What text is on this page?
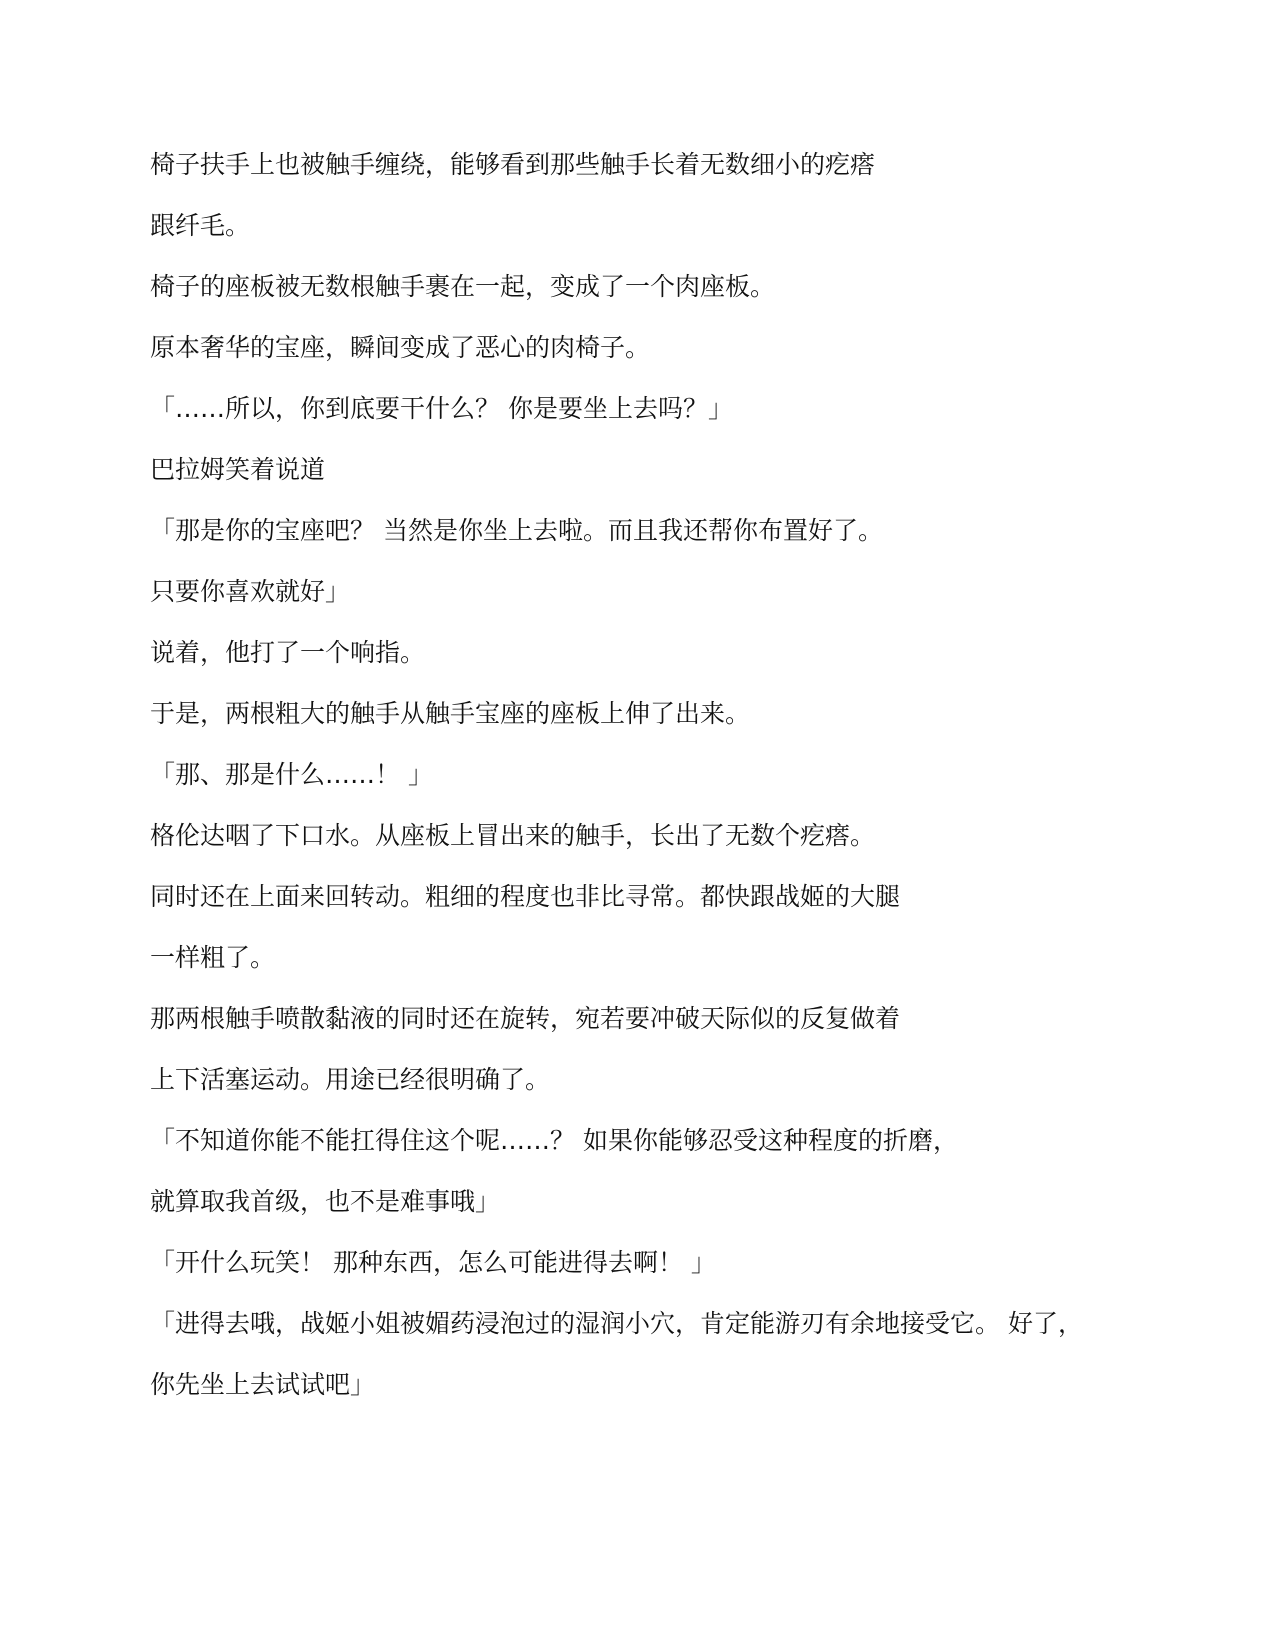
椅子扶手上也被触手缠绕，能够看到那些触手长着无数细小的疙瘩

跟纤毛。

椅子的座板被无数根触手裹在一起，变成了一个肉座板。

原本奢华的宝座，瞬间变成了恶心的肉椅子。

「……所以，你到底要干什么？ 你是要坐上去吗？」

巴拉姆笑着说道

「那是你的宝座吧？ 当然是你坐上去啦。而且我还帮你布置好了。

只要你喜欢就好」

说着，他打了一个响指。

于是，两根粗大的触手从触手宝座的座板上伸了出来。

「那、那是什么……！ 」

格伦达咽了下口水。从座板上冒出来的触手，长出了无数个疙瘩。

同时还在上面来回转动。粗细的程度也非比寻常。都快跟战姬的大腿

一样粗了。

那两根触手喷散黏液的同时还在旋转，宛若要冲破天际似的反复做着

上下活塞运动。用途已经很明确了。

「不知道你能不能扛得住这个呢……？ 如果你能够忍受这种程度的折磨，

就算取我首级，也不是难事哦」

「开什么玩笑！ 那种东西，怎么可能进得去啊！ 」

「进得去哦，战姬小姐被媚药浸泡过的湿润小穴，肯定能游刃有余地接受它。 好了，

你先坐上去试试吧」
